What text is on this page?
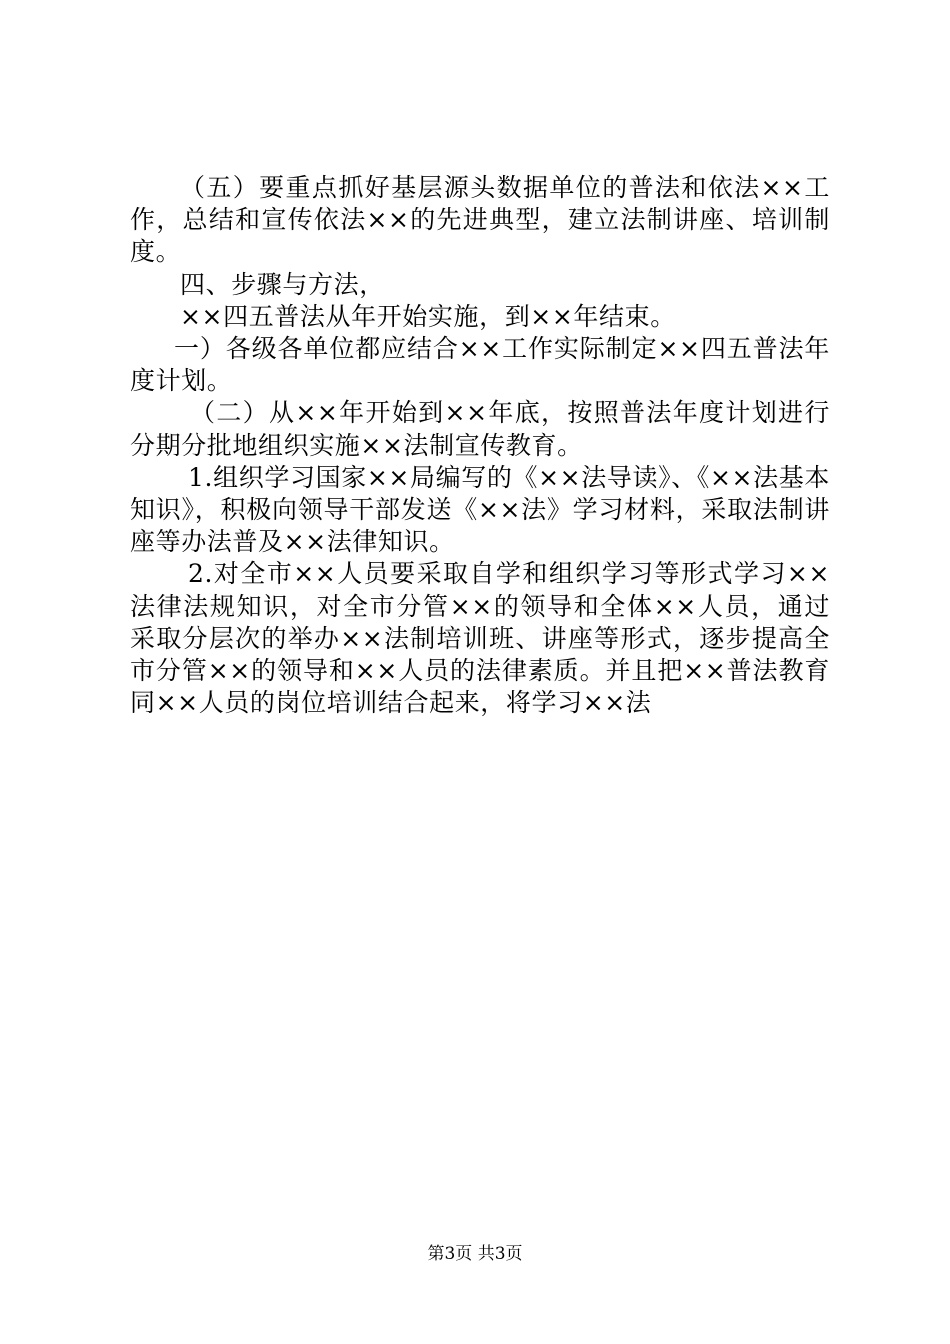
（五）要重点抓好基层源头数据单位的普法和依法××工作，总结和宣传依法××的先进典型，建立法制讲座、培训制度。

四、步骤与方法，

××四五普法从年开始实施，到××年结束。

一）各级各单位都应结合××工作实际制定××四五普法年度计划。

（二）从××年开始到××年底，按照普法年度计划进行分期分批地组织实施××法制宣传教育。

1.组织学习国家××局编写的《××法导读》、《××法基本知识》，积极向领导干部发送《××法》学习材料，采取法制讲座等办法普及××法律知识。

2.对全市××人员要采取自学和组织学习等形式学习××法律法规知识，对全市分管××的领导和全体××人员，通过采取分层次的举办××法制培训班、讲座等形式，逐步提高全市分管××的领导和××人员的法律素质。并且把××普法教育同××人员的岗位培训结合起来，将学习××法

第3页 共3页
